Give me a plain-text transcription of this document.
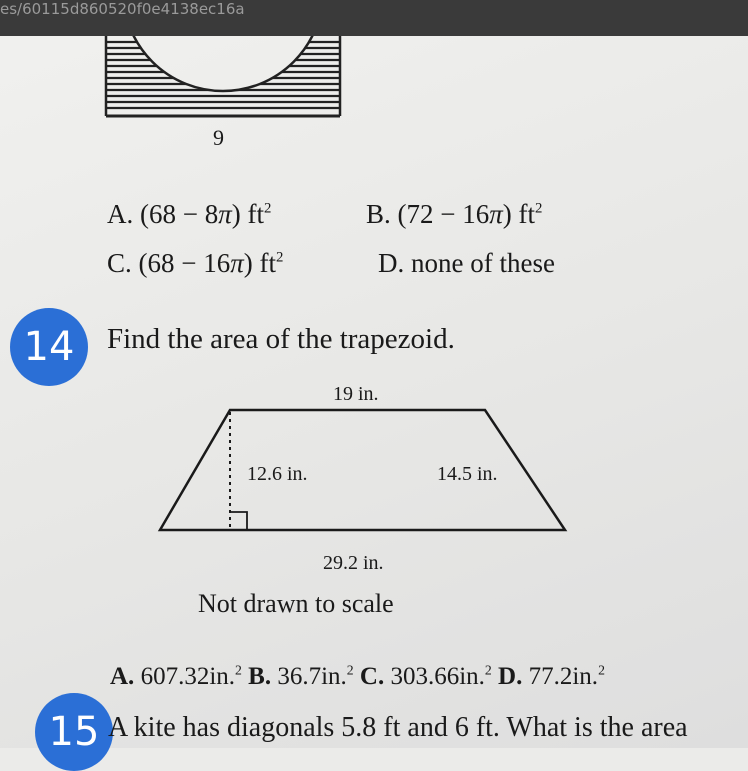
es/60115d860520f0e4138ec16a
9
A. (68 − 8π) $ft^2$	B. (72 − 16π) $ft^2$
C. (68 − 16π) $ft^2$	D. none of these
14	Find the area of the trapezoid.
19 in.
12.6 in.	14.5 in.
29.2 in.
Not drawn to scale
A. 607.32in.$^2$ B. 36.7in.$^2$ C. 303.66in.$^2$ D. 77.2in.$^2$
15 A kite has diagonals 5.8 ft and 6 ft. What is the area
